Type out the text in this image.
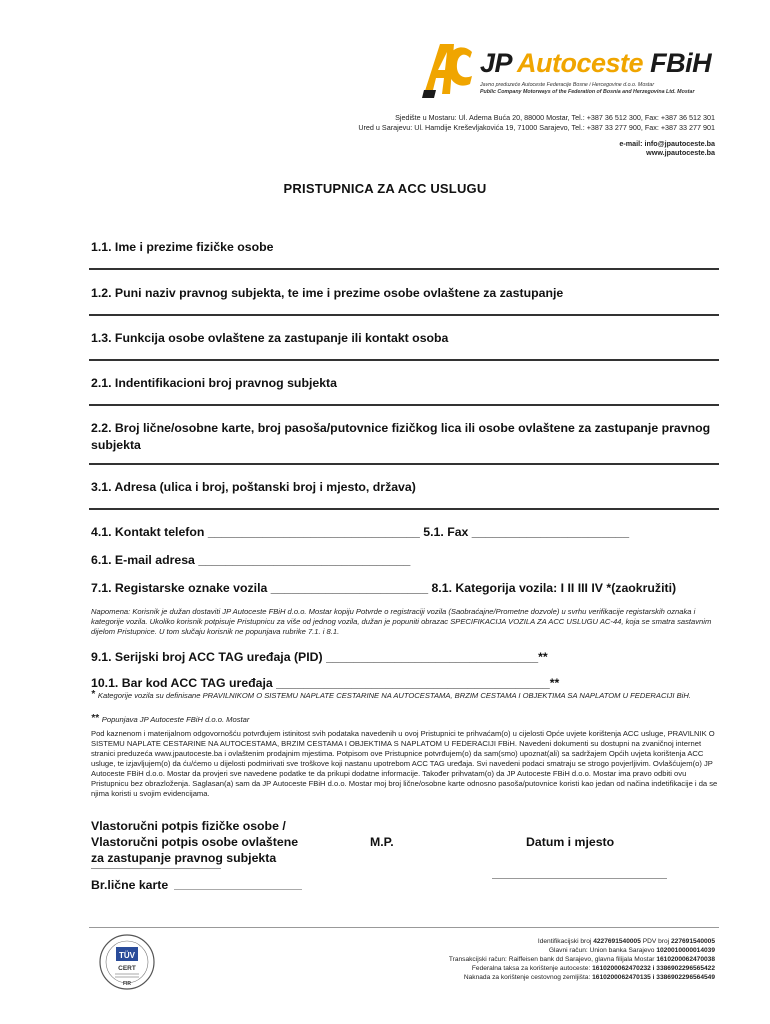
JP Autoceste FBiH
Javno preduzeće Autoceste Federacije Bosne i Hercegovine d.o.o. Mostar
Public Company Motorways of the Federation of Bosnia and Herzegovina Ltd. Mostar
Sjedište u Mostaru: Ul. Adema Buća 20, 88000 Mostar, Tel.: +387 36 512 300, Fax: +387 36 512 301
Ured u Sarajevu: Ul. Hamdije Kreševljakovića 19, 71000 Sarajevo, Tel.: +387 33 277 900, Fax: +387 33 277 901
e-mail: info@jpautoceste.ba
www.jpautoceste.ba
PRISTUPNICA ZA ACC USLUGU
1.1. Ime i prezime fizičke osobe
1.2. Puni naziv pravnog subjekta, te ime i prezime osobe ovlaštene za zastupanje
1.3. Funkcija osobe ovlaštene za zastupanje ili kontakt osoba
2.1. Indentifikacioni broj pravnog subjekta
2.2. Broj lične/osobne karte, broj pasoša/putovnice fizičkog lica ili osobe ovlaštene za zastupanje pravnog subjekta
3.1. Adresa (ulica i broj, poštanski broj i mjesto, država)
4.1. Kontakt telefon _______________________________ 5.1. Fax _______________________
6.1. E-mail adresa _______________________________
7.1. Registarske oznake vozila _______________________ 8.1. Kategorija vozila: I II III IV *(zaokružiti)
Napomena: Korisnik je dužan dostaviti JP Autoceste FBiH d.o.o. Mostar kopiju Potvrde o registraciji vozila (Saobraćajne/Prometne dozvole) u svrhu verifikacije registarskih oznaka i kategorije vozila. Ukoliko korisnik potpisuje Pristupnicu za više od jednog vozila, dužan je popuniti obrazac SPECIFIKACIJA VOZILA ZA ACC USLUGU AC-44, koja se smatra sastavnim dijelom Pristupnice. U tom slučaju korisnik ne popunjava rubrike 7.1. i 8.1.
9.1. Serijski broj ACC TAG uređaja (PID) _______________________________**
10.1. Bar kod ACC TAG uređaja ________________________________________**
* Kategorije vozila su definisane PRAVILNIKOM O SISTEMU NAPLATE CESTARINE NA AUTOCESTAMA, BRZIM CESTAMA I OBJEKTIMA SA NAPLATOM U FEDERACIJI BiH.
** Popunjava JP Autoceste FBiH d.o.o. Mostar
Pod kaznenom i materijalnom odgovornošću potvrđujem istinitost svih podataka navedenih u ovoj Pristupnici te prihvaćam(o) u cijelosti Opće uvjete korištenja ACC usluge, PRAVILNIK O SISTEMU NAPLATE CESTARINE NA AUTOCESTAMA, BRZIM CESTAMA I OBJEKTIMA S NAPLATOM U FEDERACIJI FBiH. Navedeni dokumenti su dostupni na zvaničnoj internet stranici preduzeća www.jpautoceste.ba i ovlaštenim prodajnim mjestima. Potpisom ove Pristupnice potvrđujem(o) da sam(smo) upoznat(ali) sa sadržajem Općih uvjeta korištenja ACC usluge, te izjavljujem(o) da ću/ćemo u dijelosti podmirivati sve troškove koji nastanu upotrebom ACC TAG uređaja. Svi navedeni podaci smatraju se strogo povjerljivim. Ovlašćujem(o) JP Autoceste FBiH d.o.o. Mostar da provjeri sve navedene podatke te da prikupi dodatne informacije. Također prihvatam(o) da JP Autoceste FBiH d.o.o. Mostar ima pravo odbiti ovu Pristupnicu bez obrazloženja. Saglasan(a) sam da JP Autoceste FBiH d.o.o. Mostar moj broj lične/osobne karte odnosno pasoša/putovnice koristi kao jedan od načina indetifikacije i da se njima koristi u svojim evidencijama.
Vlastoručni potpis fizičke osobe /
Vlastoručni potpis osobe ovlaštene
za zastupanje pravnog subjekta
M.P.	Datum i mjesto
Br.lične karte
TÜV
CERT
FIR
Identifikacijski broj 4227691540005 PDV broj 227691540005
Glavni račun: Union banka Sarajevo 1020010000014039
Transakcijski račun: Raiffeisen bank dd Sarajevo, glavna filijala Mostar 1610200062470038
Federalna taksa za korištenje autoceste: 1610200062470232 i 3386902296565422
Naknada za korištenje cestovnog zemljišta: 1610200062470135 i 3386902296564549
